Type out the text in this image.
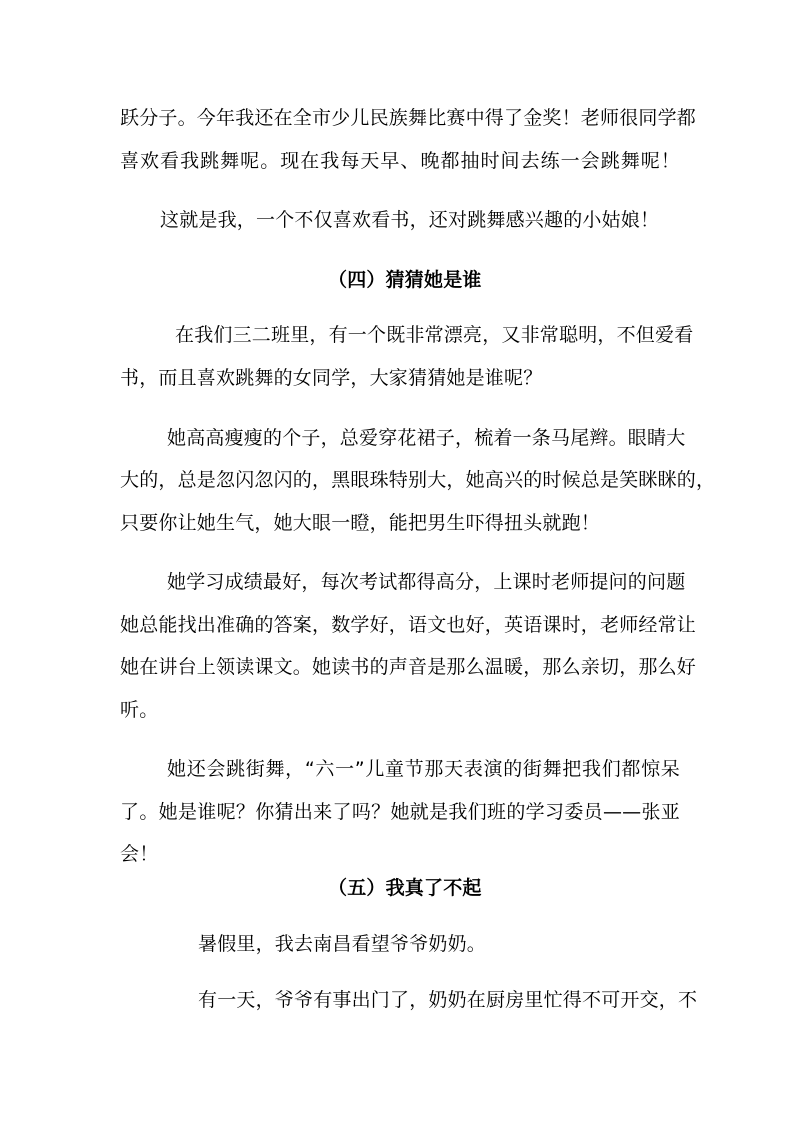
跃分子。今年我还在全市少儿民族舞比赛中得了金奖！老师很同学都
喜欢看我跳舞呢。现在我每天早、晚都抽时间去练一会跳舞呢！
这就是我，一个不仅喜欢看书，还对跳舞感兴趣的小姑娘！
（四）猜猜她是谁
在我们三二班里，有一个既非常漂亮，又非常聪明，不但爱看
书，而且喜欢跳舞的女同学，大家猜猜她是谁呢？
她高高瘦瘦的个子，总爱穿花裙子，梳着一条马尾辫。眼睛大
大的，总是忽闪忽闪的，黑眼珠特别大，她高兴的时候总是笑眯眯的，
只要你让她生气，她大眼一瞪，能把男生吓得扭头就跑！
她学习成绩最好，每次考试都得高分，上课时老师提问的问题
她总能找出准确的答案，数学好，语文也好，英语课时，老师经常让
她在讲台上领读课文。她读书的声音是那么温暖，那么亲切，那么好
听。
她还会跳街舞，“六一”儿童节那天表演的街舞把我们都惊呆
了。她是谁呢？你猜出来了吗？她就是我们班的学习委员——张亚
会！
（五）我真了不起
暑假里，我去南昌看望爷爷奶奶。
有一天，爷爷有事出门了，奶奶在厨房里忙得不可开交，不
